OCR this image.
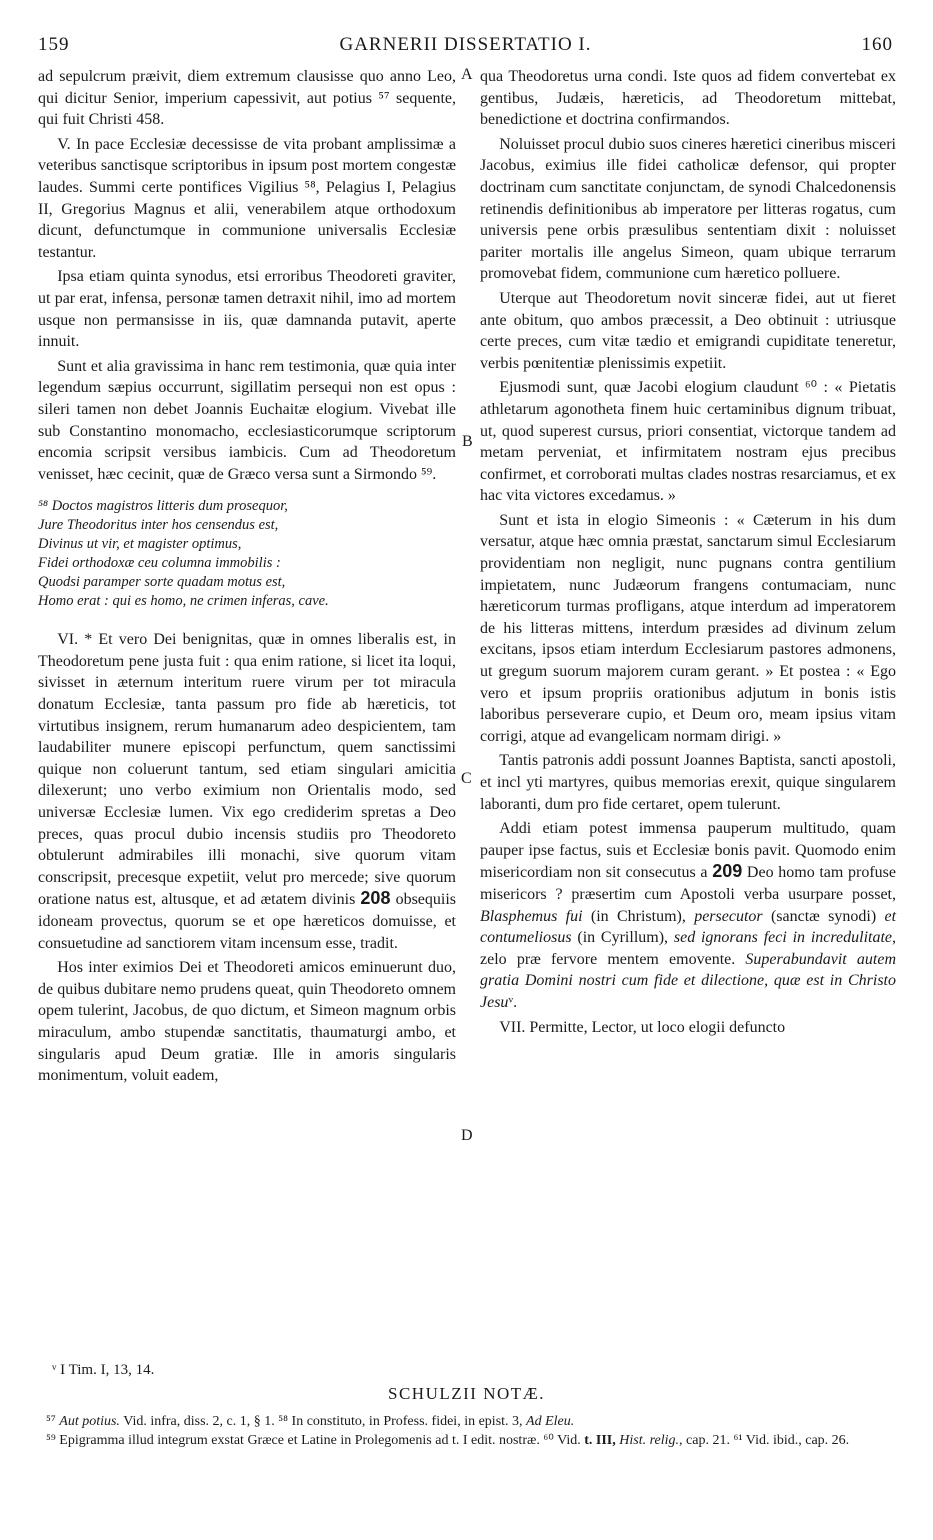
159	GARNERII DISSERTATIO I.	160
A
B
C
D

ad sepulcrum præivit, diem extremum clausisse quo anno Leo, qui dicitur Senior, imperium capessivit, aut potius ⁵⁷ sequente, qui fuit Christi 458.

V. In pace Ecclesiæ decessisse de vita probant amplissimæ a veteribus sanctisque scriptoribus in ipsum post mortem congestæ laudes. Summi certe pontifices Vigilius ⁵⁸, Pelagius I, Pelagius II, Gregorius Magnus et alii, venerabilem atque orthodoxum dicunt, defunctumque in communione universalis Ecclesiæ testantur.

Ipsa etiam quinta synodus, etsi erroribus Theodoreti graviter, ut par erat, infensa, personæ tamen detraxit nihil, imo ad mortem usque non permansisse in iis, quæ damnanda putavit, aperte innuit.

Sunt et alia gravissima in hanc rem testimonia, quæ quia inter legendum sæpius occurrunt, sigillatim persequi non est opus : sileri tamen non debet Joannis Euchaitæ elogium. Vivebat ille sub Constantino monomacho, ecclesiasticorumque scriptorum encomia scripsit versibus iambicis. Cum ad Theodoretum venisset, hæc cecinit, quæ de Græco versa sunt a Sirmondo ⁵⁹.

⁵⁸ Doctos magistros litteris dum prosequor,
Jure Theodoritus inter hos censendus est,
Divinus ut vir, et magister optimus,
Fidei orthodoxæ ceu columna immobilis :
Quodsi paramper sorte quadam motus est,
Homo erat : qui es homo, ne crimen inferas, cave.

VI. * Et vero Dei benignitas, quæ in omnes liberalis est, in Theodoretum pene justa fuit : qua enim ratione, si licet ita loqui, sivisset in æternum interitum ruere virum per tot miracula donatum Ecclesiæ, tanta passum pro fide ab hæreticis, tot virtutibus insignem, rerum humanarum adeo despicientem, tam laudabiliter munere episcopi perfunctum, quem sanctissimi quique non coluerunt tantum, sed etiam singulari amicitia dilexerunt; uno verbo eximium non Orientalis modo, sed universæ Ecclesiæ lumen. Vix ego crediderim spretas a Deo preces, quas procul dubio incensis studiis pro Theodoreto obtulerunt admirabiles illi monachi, sive quorum vitam conscripsit, precesque expetiit, velut pro mercede; sive quorum oratione natus est, altusque, et ad ætatem divinis 208 obsequiis idoneam provectus, quorum se et ope hæreticos domuisse, et consuetudine ad sanctiorem vitam incensum esse, tradit.

Hos inter eximios Dei et Theodoreti amicos eminuerunt duo, de quibus dubitare nemo prudens queat, quin Theodoreto omnem opem tulerint, Jacobus, de quo dictum, et Simeon magnum orbis miraculum, ambo stupendæ sanctitatis, thaumaturgi ambo, et singularis apud Deum gratiæ. Ille in amoris singularis monimentum, voluit eadem,

qua Theodoretus urna condi. Iste quos ad fidem convertebat ex gentibus, Judæis, hæreticis, ad Theodoretum mittebat, benedictione et doctrina confirmandos.

Noluisset procul dubio suos cineres hæretici cineribus misceri Jacobus, eximius ille fidei catholicæ defensor, qui propter doctrinam cum sanctitate conjunctam, de synodi Chalcedonensis retinendis definitionibus ab imperatore per litteras rogatus, cum universis pene orbis præsulibus sententiam dixit : noluisset pariter mortalis ille angelus Simeon, quam ubique terrarum promovebat fidem, communione cum hæretico polluere.

Uterque aut Theodoretum novit sinceræ fidei, aut ut fieret ante obitum, quo ambos præcessit, a Deo obtinuit : utriusque certe preces, cum vitæ tædio et emigrandi cupiditate teneretur, verbis pœnitentiæ plenissimis expetiit.

Ejusmodi sunt, quæ Jacobi elogium claudunt ⁶⁰ : « Pietatis athletarum agonotheta finem huic certaminibus dignum tribuat, ut, quod superest cursus, priori consentiat, victorque tandem ad metam perveniat, et infirmitatem nostram ejus precibus confirmet, et corroborati multas clades nostras resarciamus, et ex hac vita victores excedamus. »

Sunt et ista in elogio Simeonis : « Cæterum in his dum versatur, atque hæc omnia præstat, sanctarum simul Ecclesiarum providentiam non negligit, nunc pugnans contra gentilium impietatem, nunc Judæorum frangens contumaciam, nunc hæreticorum turmas profligans, atque interdum ad imperatorem de his litteras mittens, interdum præsides ad divinum zelum excitans, ipsos etiam interdum Ecclesiarum pastores admonens, ut gregum suorum majorem curam gerant. » Et postea : « Ego vero et ipsum propriis orationibus adjutum in bonis istis laboribus perseverare cupio, et Deum oro, meam ipsius vitam corrigi, atque ad evangelicam normam dirigi. »

Tantis patronis addi possunt Joannes Baptista, sancti apostoli, et incl yti martyres, quibus memorias erexit, quique singularem laboranti, dum pro fide certaret, opem tulerunt.

Addi etiam potest immensa pauperum multitudo, quam pauper ipse factus, suis et Ecclesiæ bonis pavit. Quomodo enim misericordiam non sit consecutus a 209 Deo homo tam profuse misericors ? præsertim cum Apostoli verba usurpare posset, Blasphemus fui (in Christum), persecutor (sanctæ synodi) et contumeliosus (in Cyrillum), sed ignorans feci in incredulitate, zelo præ fervore mentem emovente. Superabundavit autem gratia Domini nostri cum fide et dilectione, quæ est in Christo Jesuᵛ.

VII. Permitte, Lector, ut loco elogii defuncto

ᵛ I Tim. I, 13, 14.
SCHULZII NOTÆ.

⁵⁷ Aut potius. Vid. infra, diss. 2, c. 1, § 1. ⁵⁸ In constituto, in Profess. fidei, in epist. 3, Ad Eleu.

⁵⁹ Epigramma illud integrum exstat Græce et Latine in Prolegomenis ad t. I edit. nostræ. ⁶⁰ Vid. t. III, Hist. relig., cap. 21. ⁶¹ Vid. ibid., cap. 26.
